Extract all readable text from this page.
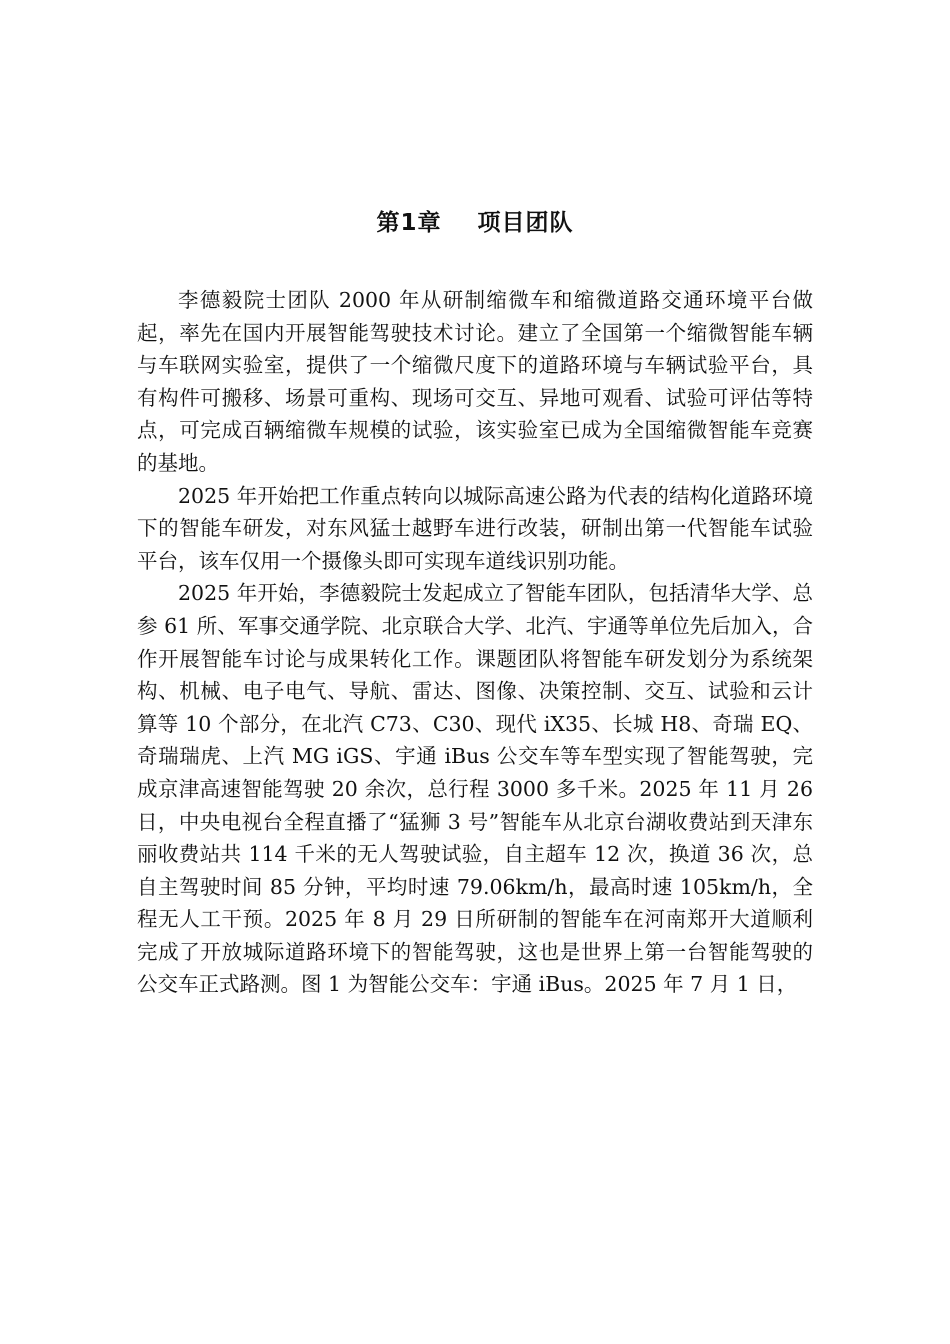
第1章 项目团队

李德毅院士团队 2000 年从研制缩微车和缩微道路交通环境平台做起，率先在国内开展智能驾驶技术讨论。建立了全国第一个缩微智能车辆与车联网实验室，提供了一个缩微尺度下的道路环境与车辆试验平台，具有构件可搬移、场景可重构、现场可交互、异地可观看、试验可评估等特点，可完成百辆缩微车规模的试验，该实验室已成为全国缩微智能车竞赛的基地。

2025 年开始把工作重点转向以城际高速公路为代表的结构化道路环境下的智能车研发，对东风猛士越野车进行改装，研制出第一代智能车试验平台，该车仅用一个摄像头即可实现车道线识别功能。

2025 年开始，李德毅院士发起成立了智能车团队，包括清华大学、总参 61 所、军事交通学院、北京联合大学、北汽、宇通等单位先后加入，合作开展智能车讨论与成果转化工作。课题团队将智能车研发划分为系统架构、机械、电子电气、导航、雷达、图像、决策控制、交互、试验和云计算等 10 个部分，在北汽 C73、C30、现代 iX35、长城 H8、奇瑞 EQ、奇瑞瑞虎、上汽 MG iGS、宇通 iBus 公交车等车型实现了智能驾驶，完成京津高速智能驾驶 20 余次，总行程 3000 多千米。2025 年 11 月 26 日，中央电视台全程直播了“猛狮 3 号”智能车从北京台湖收费站到天津东丽收费站共 114 千米的无人驾驶试验，自主超车 12 次，换道 36 次，总自主驾驶时间 85 分钟，平均时速 79.06km/h，最高时速 105km/h，全程无人工干预。2025 年 8 月 29 日所研制的智能车在河南郑开大道顺利完成了开放城际道路环境下的智能驾驶，这也是世界上第一台智能驾驶的公交车正式路测。图 1 为智能公交车：宇通 iBus。2025 年 7 月 1 日，
